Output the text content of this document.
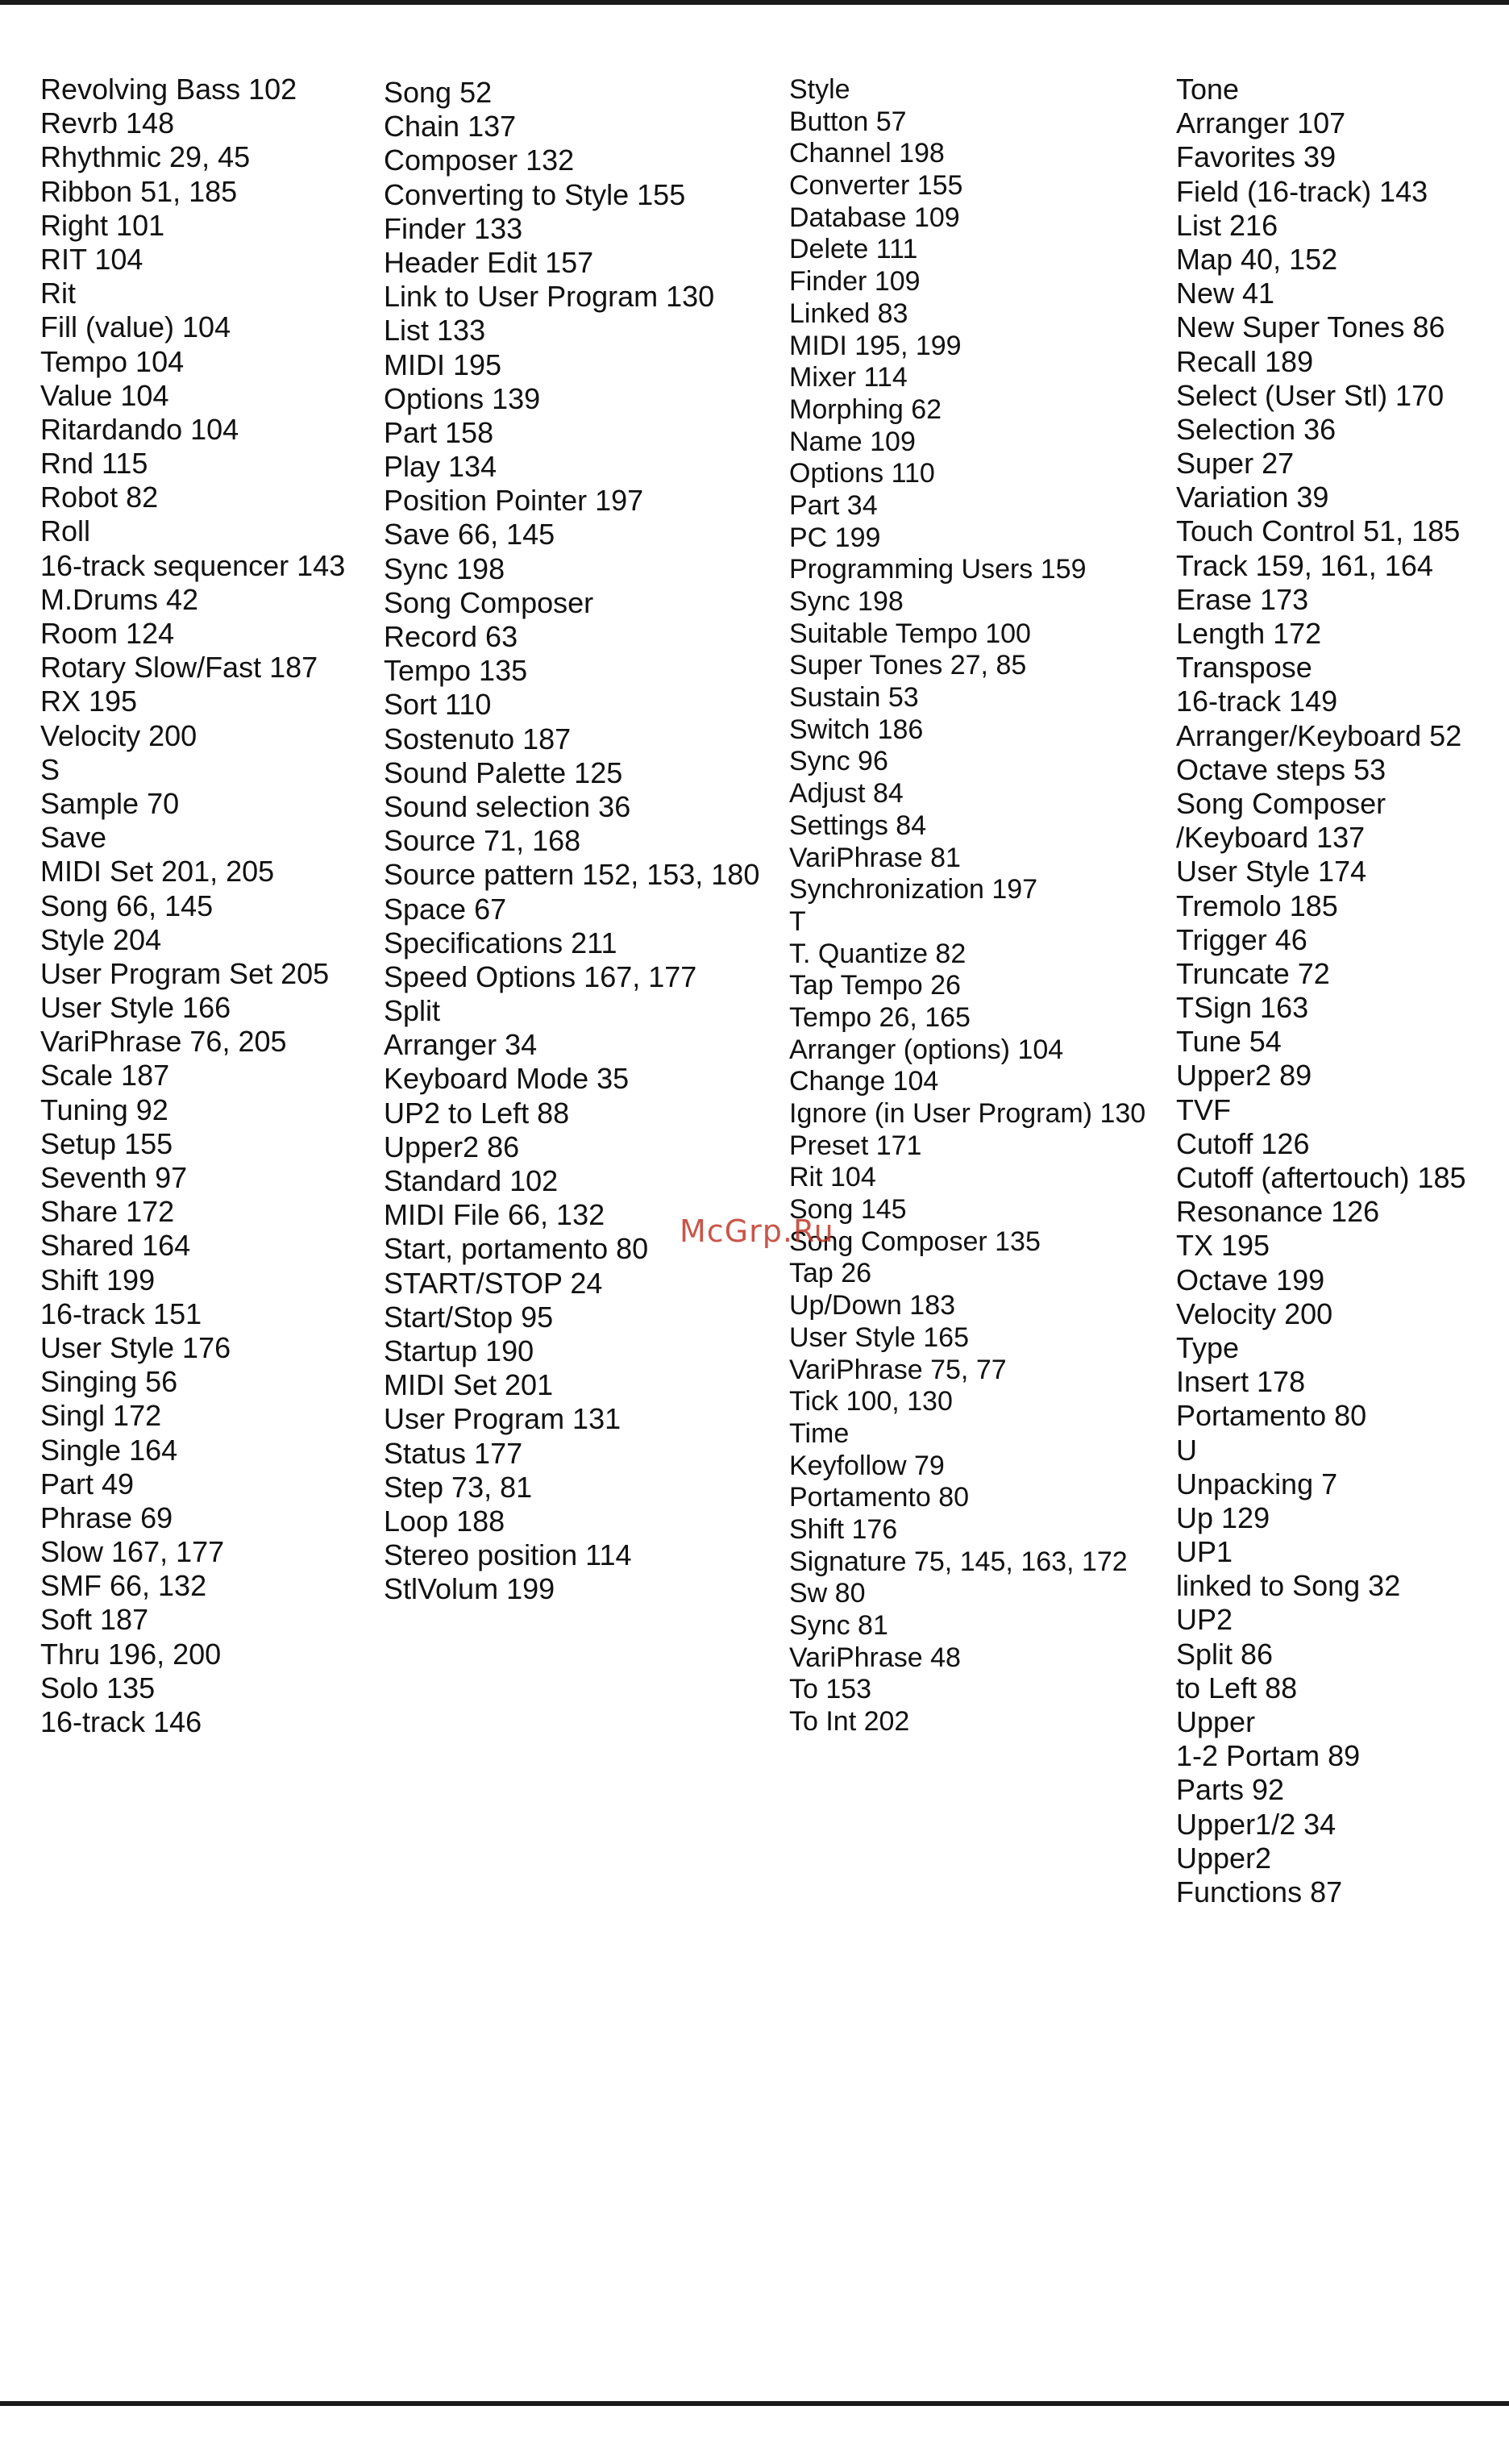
Revolving Bass 102
Revrb 148
Rhythmic 29, 45
Ribbon 51, 185
Right 101
RIT 104
Rit
Fill (value) 104
Tempo 104
Value 104
Ritardando 104
Rnd 115
Robot 82
Roll
16-track sequencer 143
M.Drums 42
Room 124
Rotary Slow/Fast 187
RX 195
Velocity 200
S
Sample 70
Save
MIDI Set 201, 205
Song 66, 145
Style 204
User Program Set 205
User Style 166
VariPhrase 76, 205
Scale 187
Tuning 92
Setup 155
Seventh 97
Share 172
Shared 164
Shift 199
16-track 151
User Style 176
Singing 56
Singl 172
Single 164
Part 49
Phrase 69
Slow 167, 177
SMF 66, 132
Soft 187
Thru 196, 200
Solo 135
16-track 146
Song 52
Chain 137
Composer 132
Converting to Style 155
Finder 133
Header Edit 157
Link to User Program 130
List 133
MIDI 195
Options 139
Part 158
Play 134
Position Pointer 197
Save 66, 145
Sync 198
Song Composer
Record 63
Tempo 135
Sort 110
Sostenuto 187
Sound Palette 125
Sound selection 36
Source 71, 168
Source pattern 152, 153, 180
Space 67
Specifications 211
Speed Options 167, 177
Split
Arranger 34
Keyboard Mode 35
UP2 to Left 88
Upper2 86
Standard 102
MIDI File 66, 132
Start, portamento 80
START/STOP 24
Start/Stop 95
Startup 190
MIDI Set 201
User Program 131
Status 177
Step 73, 81
Loop 188
Stereo position 114
StlVolum 199
Style
Button 57
Channel 198
Converter 155
Database 109
Delete 111
Finder 109
Linked 83
MIDI 195, 199
Mixer 114
Morphing 62
Name 109
Options 110
Part 34
PC 199
Programming Users 159
Sync 198
Suitable Tempo 100
Super Tones 27, 85
Sustain 53
Switch 186
Sync 96
Adjust 84
Settings 84
VariPhrase 81
Synchronization 197
T
T. Quantize 82
Tap Tempo 26
Tempo 26, 165
Arranger (options) 104
Change 104
Ignore (in User Program) 130
Preset 171
Rit 104
Song 145
Song Composer 135
Tap 26
Up/Down 183
User Style 165
VariPhrase 75, 77
Tick 100, 130
Time
Keyfollow 79
Portamento 80
Shift 176
Signature 75, 145, 163, 172
Sw 80
Sync 81
VariPhrase 48
To 153
To Int 202
Tone
Arranger 107
Favorites 39
Field (16-track) 143
List 216
Map 40, 152
New 41
New Super Tones 86
Recall 189
Select (User Stl) 170
Selection 36
Super 27
Variation 39
Touch Control 51, 185
Track 159, 161, 164
Erase 173
Length 172
Transpose
16-track 149
Arranger/Keyboard 52
Octave steps 53
Song Composer
/Keyboard 137
User Style 174
Tremolo 185
Trigger 46
Truncate 72
TSign 163
Tune 54
Upper2 89
TVF
Cutoff 126
Cutoff (aftertouch) 185
Resonance 126
TX 195
Octave 199
Velocity 200
Type
Insert 178
Portamento 80
U
Unpacking 7
Up 129
UP1
linked to Song 32
UP2
Split 86
to Left 88
Upper
1-2 Portam 89
Parts 92
Upper1/2 34
Upper2
Functions 87
McGrp.Ru
